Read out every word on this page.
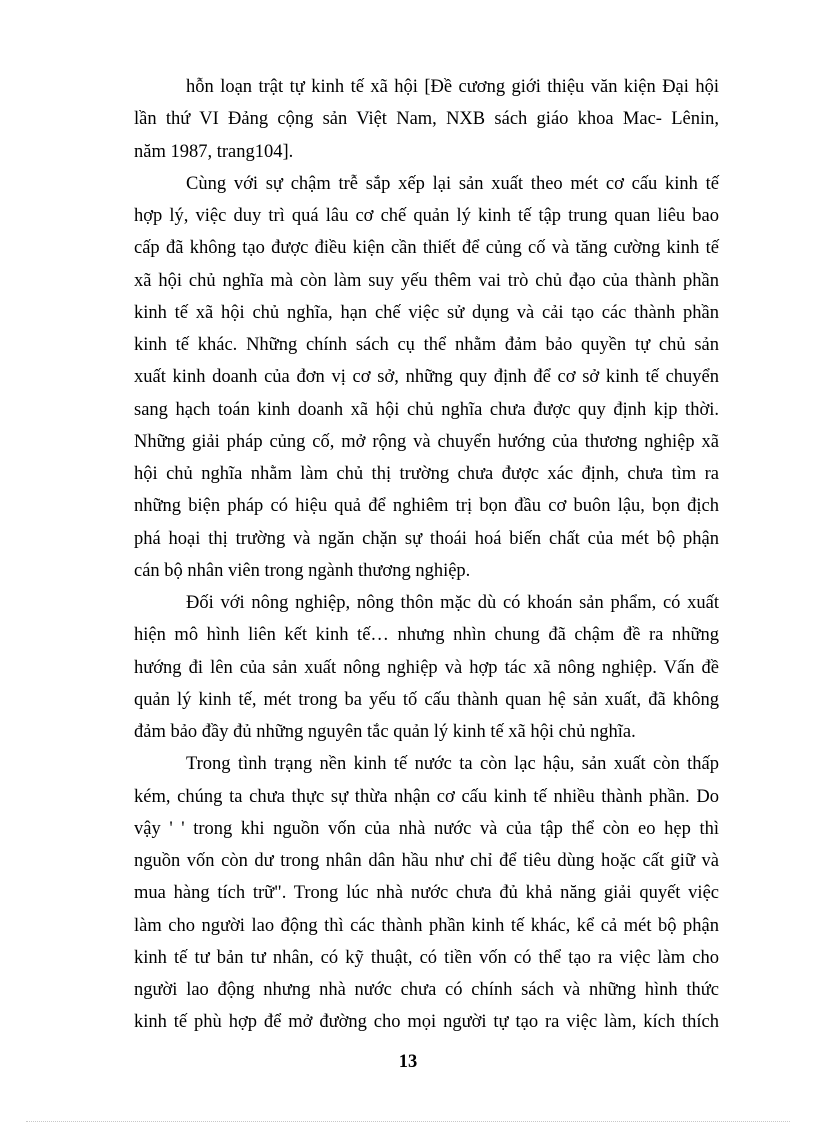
hỗn loạn trật tự kinh tế xã hội [Đề cương giới thiệu văn kiện Đại hội
lần thứ VI Đảng cộng sản Việt Nam, NXB sách giáo khoa Mac- Lênin,
năm 1987, trang104].
Cùng với sự chậm trễ sắp xếp lại sản xuất theo mét cơ cấu kinh tế
hợp lý, việc duy trì quá lâu cơ chế quản lý kinh tế tập trung quan liêu bao
cấp đã không tạo được điều kiện cần thiết để củng cố và tăng cường kinh tế
xã hội chủ nghĩa mà còn làm suy yếu thêm vai trò chủ đạo của thành phần
kinh tế xã hội chủ nghĩa, hạn chế việc sử dụng và cải tạo các thành phần
kinh tế khác. Những chính sách cụ thể nhằm đảm bảo quyền tự chủ sản
xuất kinh doanh của đơn vị cơ sở, những quy định để cơ sở kinh tế chuyển
sang hạch toán kinh doanh xã hội chủ nghĩa chưa được quy định kịp thời.
Những giải pháp củng cố, mở rộng và chuyển hướng của thương nghiệp xã
hội chủ nghĩa nhằm làm chủ thị trường chưa được xác định, chưa tìm ra
những biện pháp có hiệu quả để nghiêm trị bọn đầu cơ buôn lậu, bọn địch
phá hoại thị trường và ngăn chặn sự thoái hoá biến chất của mét bộ phận
cán bộ nhân viên trong ngành thương nghiệp.
Đối với nông nghiệp, nông thôn mặc dù có khoán sản phẩm, có xuất
hiện mô hình liên kết kinh tế… nhưng nhìn chung đã chậm đề ra những
hướng đi lên của sản xuất nông nghiệp và hợp tác xã nông nghiệp. Vấn đề
quản lý kinh tế, mét trong ba yếu tố cấu thành quan hệ sản xuất, đã không
đảm bảo đầy đủ những nguyên tắc quản lý kinh tế xã hội chủ nghĩa.
Trong tình trạng nền kinh tế nước ta còn lạc hậu, sản xuất còn thấp
kém, chúng ta chưa thực sự thừa nhận cơ cấu kinh tế nhiều thành phần. Do
vậy ' ' trong khi nguồn vốn của nhà nước và của tập thể còn eo hẹp thì
nguồn vốn còn dư trong nhân dân hầu như chỉ để tiêu dùng hoặc cất giữ và
mua hàng tích trữ". Trong lúc nhà nước chưa đủ khả năng giải quyết việc
làm cho người lao động thì các thành phần kinh tế khác, kể cả mét bộ phận
kinh tế tư bản tư nhân, có kỹ thuật, có tiền vốn có thể tạo ra việc làm cho
người lao động nhưng nhà nước chưa có chính sách và những hình thức
kinh tế phù hợp để mở đường cho mọi người tự tạo ra việc làm, kích thích
13
